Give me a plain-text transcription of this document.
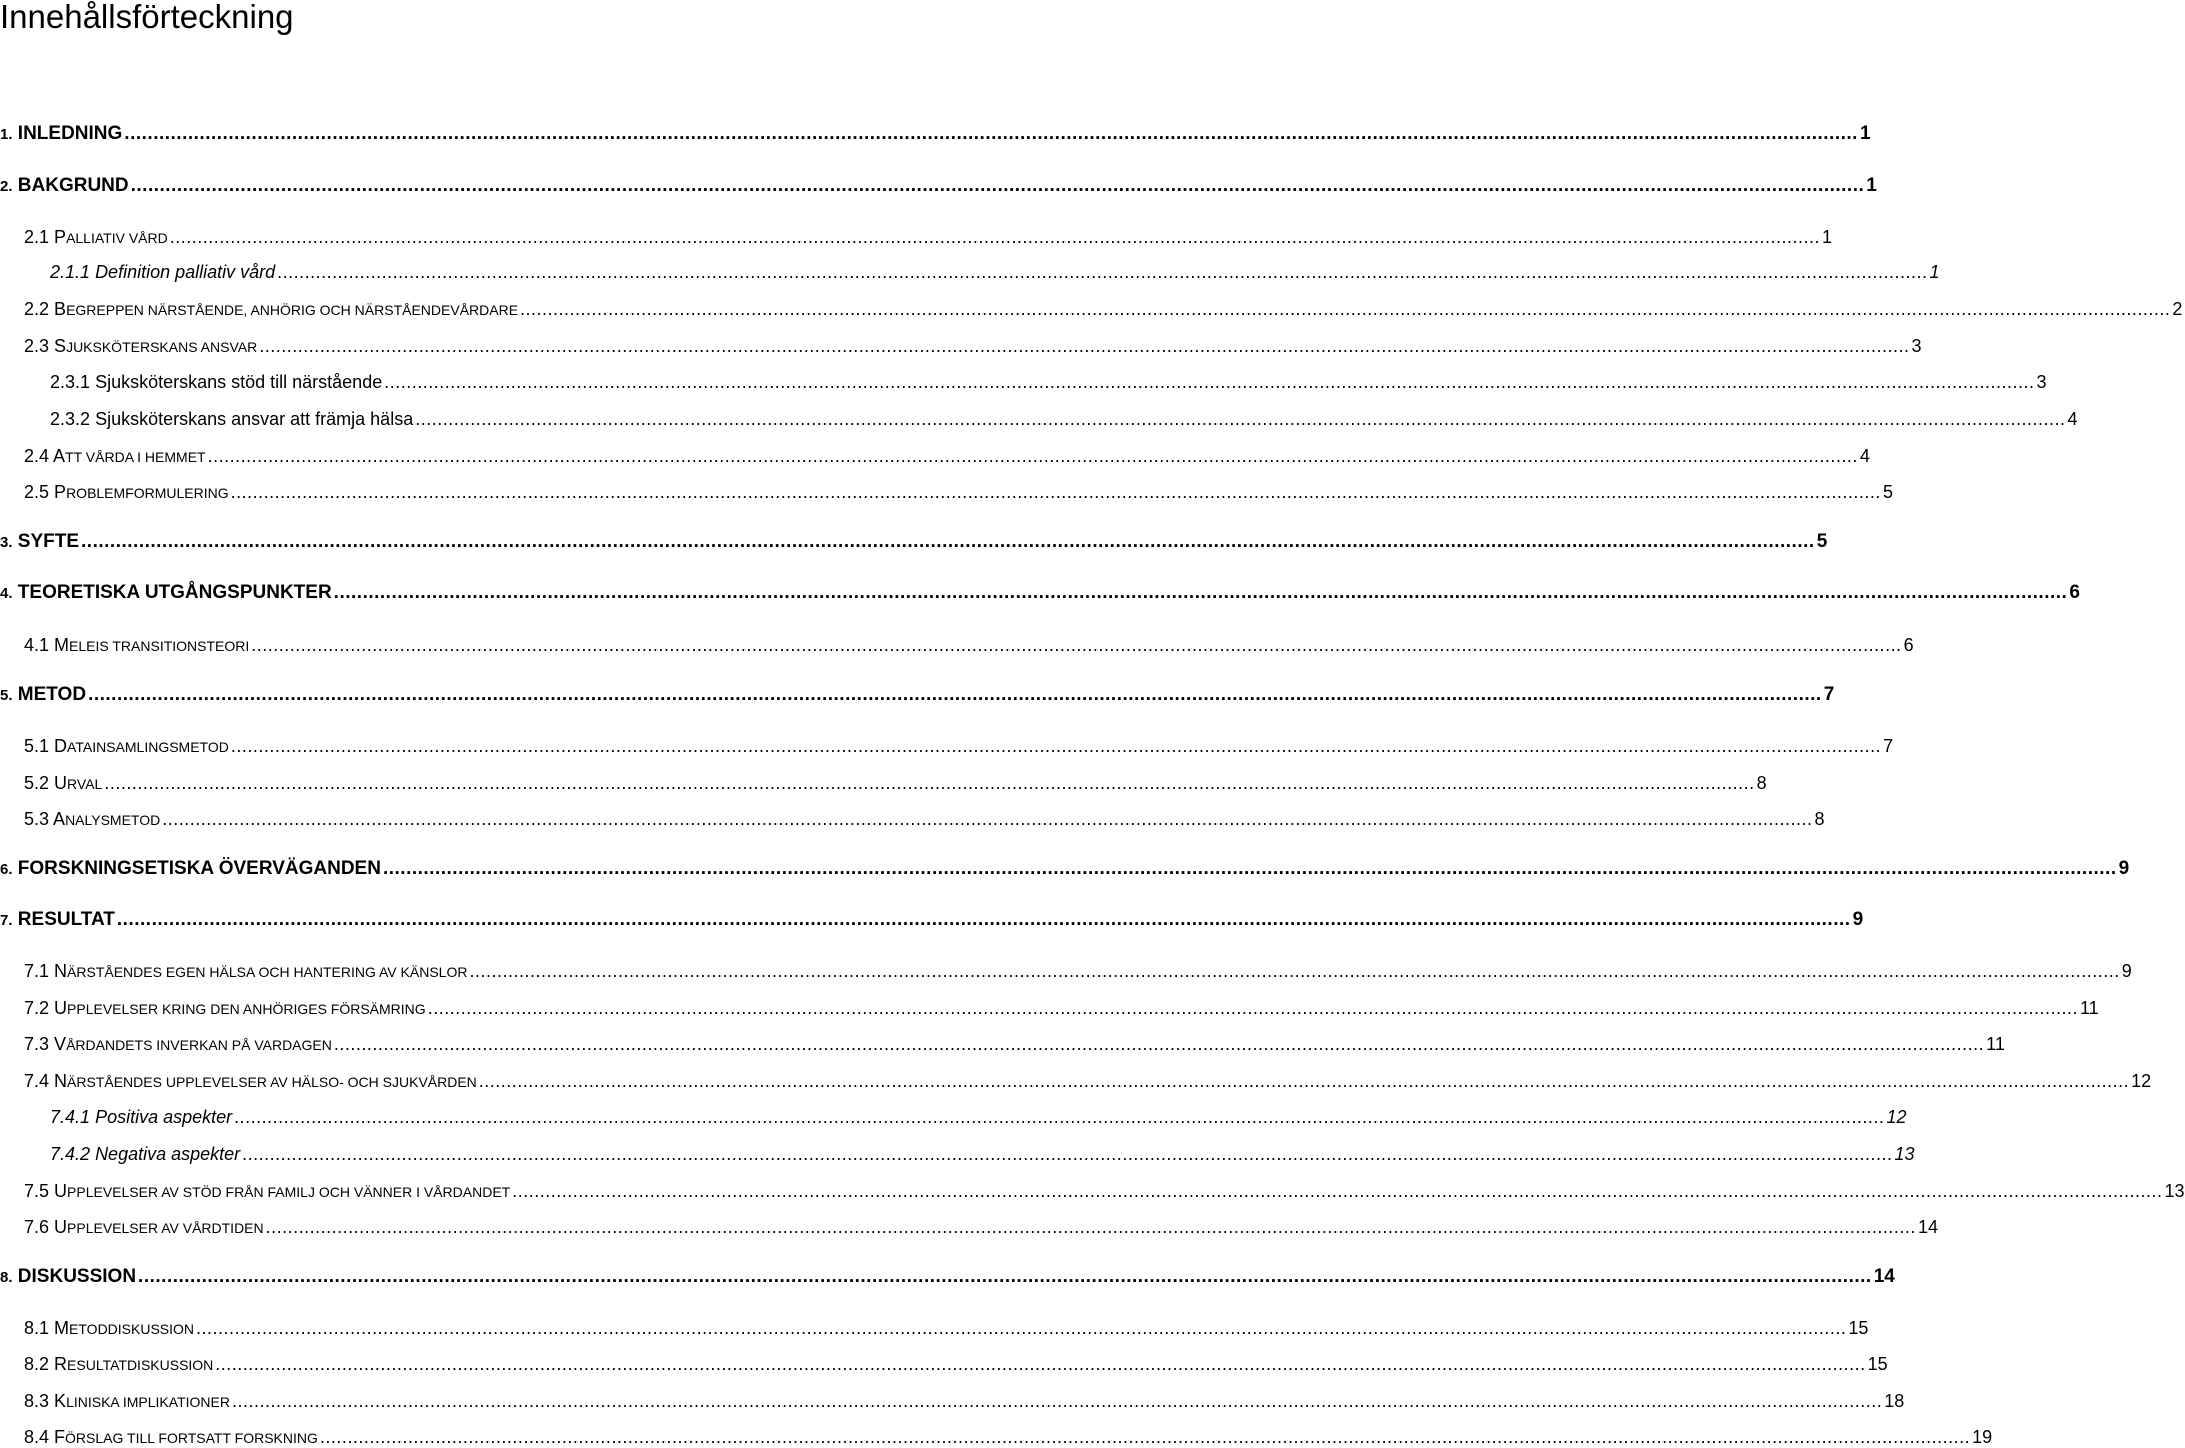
Innehållsförteckning
1. INLEDNING ............................................................................................................................................................................................................................................................................................................ 1
2. BAKGRUND ............................................................................................................................................................................................................................................................................................................ 1
2.1 PALLIATIV VÅRD ............................................................................................................................................................................................................................................................................................................ 1
2.1.1 Definition palliativ vård ............................................................................................................................................................................................................................................................................................................ 1
2.2 BEGREPPEN NÄRSTÅENDE, ANHÖRIG OCH NÄRSTÅENDEVÅRDARE ............................................................................................................................................................................................................................................................................................................ 2
2.3 SJUKSKÖTERSKANS ANSVAR ............................................................................................................................................................................................................................................................................................................ 3
2.3.1 Sjuksköterskans stöd till närstående ............................................................................................................................................................................................................................................................................................................ 3
2.3.2 Sjuksköterskans ansvar att främja hälsa ............................................................................................................................................................................................................................................................................................................ 4
2.4 ATT VÅRDA I HEMMET ............................................................................................................................................................................................................................................................................................................ 4
2.5 PROBLEMFORMULERING ............................................................................................................................................................................................................................................................................................................ 5
3. SYFTE ............................................................................................................................................................................................................................................................................................................ 5
4. TEORETISKA UTGÅNGSPUNKTER ............................................................................................................................................................................................................................................................................................................ 6
4.1 MELEIS TRANSITIONSTEORI ............................................................................................................................................................................................................................................................................................................ 6
5. METOD ............................................................................................................................................................................................................................................................................................................ 7
5.1 DATAINSAMLINGSMETOD ............................................................................................................................................................................................................................................................................................................ 7
5.2 URVAL ............................................................................................................................................................................................................................................................................................................ 8
5.3 ANALYSMETOD ............................................................................................................................................................................................................................................................................................................ 8
6. FORSKNINGSETISKA ÖVERVÄGANDEN ............................................................................................................................................................................................................................................................................................................ 9
7. RESULTAT ............................................................................................................................................................................................................................................................................................................ 9
7.1 NÄRSTÅENDES EGEN HÄLSA OCH HANTERING AV KÄNSLOR ............................................................................................................................................................................................................................................................................................................ 9
7.2 UPPLEVELSER KRING DEN ANHÖRIGES FÖRSÄMRING ............................................................................................................................................................................................................................................................................................................ 11
7.3 VÅRDANDETS INVERKAN PÅ VARDAGEN ............................................................................................................................................................................................................................................................................................................ 11
7.4 NÄRSTÅENDES UPPLEVELSER AV HÄLSO- OCH SJUKVÅRDEN ............................................................................................................................................................................................................................................................................................................ 12
7.4.1 Positiva aspekter ............................................................................................................................................................................................................................................................................................................ 12
7.4.2 Negativa aspekter ............................................................................................................................................................................................................................................................................................................ 13
7.5 UPPLEVELSER AV STÖD FRÅN FAMILJ OCH VÄNNER I VÅRDANDET ............................................................................................................................................................................................................................................................................................................ 13
7.6 UPPLEVELSER AV VÅRDTIDEN ............................................................................................................................................................................................................................................................................................................ 14
8. DISKUSSION ............................................................................................................................................................................................................................................................................................................ 14
8.1 METODDISKUSSION ............................................................................................................................................................................................................................................................................................................ 15
8.2 RESULTATDISKUSSION ............................................................................................................................................................................................................................................................................................................ 15
8.3 KLINISKA IMPLIKATIONER ............................................................................................................................................................................................................................................................................................................ 18
8.4 FÖRSLAG TILL FORTSATT FORSKNING ............................................................................................................................................................................................................................................................................................................ 19
